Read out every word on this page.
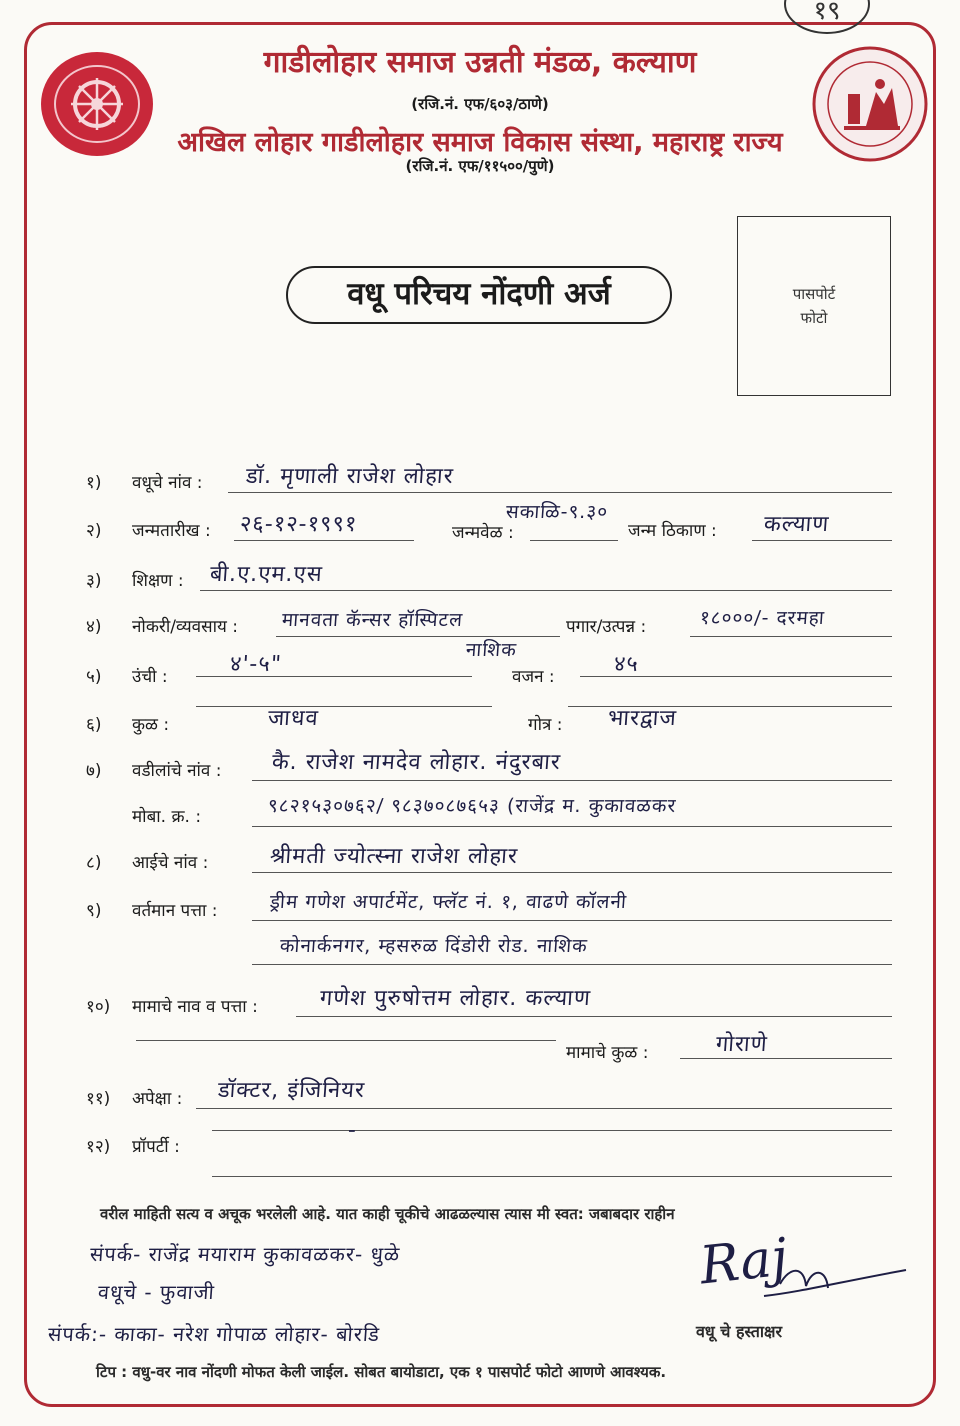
१९
गाडीलोहार समाज उन्नती मंडळ, कल्याण
(रजि.नं. एफ/६०३/ठाणे)
अखिल लोहार गाडीलोहार समाज विकास संस्था, महाराष्ट्र राज्य
(रजि.नं. एफ/११५००/पुणे)
पासपोर्ट
फोटो
वधू परिचय नोंदणी अर्ज
१) वधूचे नांव : डॉ. मृणाली राजेश लोहार
२) जन्मतारीख : २६-१२-१९९१	जन्मवेळ :
सकाळि-९.३०
जन्म ठिकाण : कल्याण
३) शिक्षण : बी.ए.एम.एस
४) नोकरी/व्यवसाय : मानवता कॅन्सर हॉस्पिटल
नाशिक
पगार/उत्पन्न :	१८०००/- दरमहा
५) उंची :	४'-५"	वजन :	४५
६) कुळ :	जाधव	गोत्र : भारद्वाज
७) वडीलांचे नांव : कै. राजेश नामदेव लोहार. नंदुरबार
मोबा. क्र. :	९८२१५३०७६२/ ९८३७०८७६५३ (राजेंद्र म. कुकावळकर
८) आईचे नांव :	श्रीमती ज्योत्स्ना राजेश लोहार
९) वर्तमान पत्ता :	ड्रीम गणेश अपार्टमेंट, फ्लॅट नं. १, वाढणे कॉलनी
कोनार्कनगर, म्हसरुळ दिंडोरी रोड. नाशिक
१०) मामाचे नाव व पत्ता :	गणेश पुरुषोत्तम लोहार. कल्याण
मामाचे कुळ :	गोराणे
११) अपेक्षा : डॉक्टर, इंजिनियर
१२) प्रॉपर्टी :
-
वरील माहिती सत्य व अचूक भरलेली आहे. यात काही चूकीचे आढळल्यास त्यास मी स्वत: जबाबदार राहीन
संपर्क- राजेंद्र मयाराम कुकावळकर- धुळे
वधूचे - फुवाजी
संपर्क:- काका- नरेश गोपाळ लोहार- बोरडि
Raj
वधू चे हस्ताक्षर
टिप : वधु-वर नाव नोंदणी मोफत केली जाईल. सोबत बायोडाटा, एक १ पासपोर्ट फोटो आणणे आवश्यक.
